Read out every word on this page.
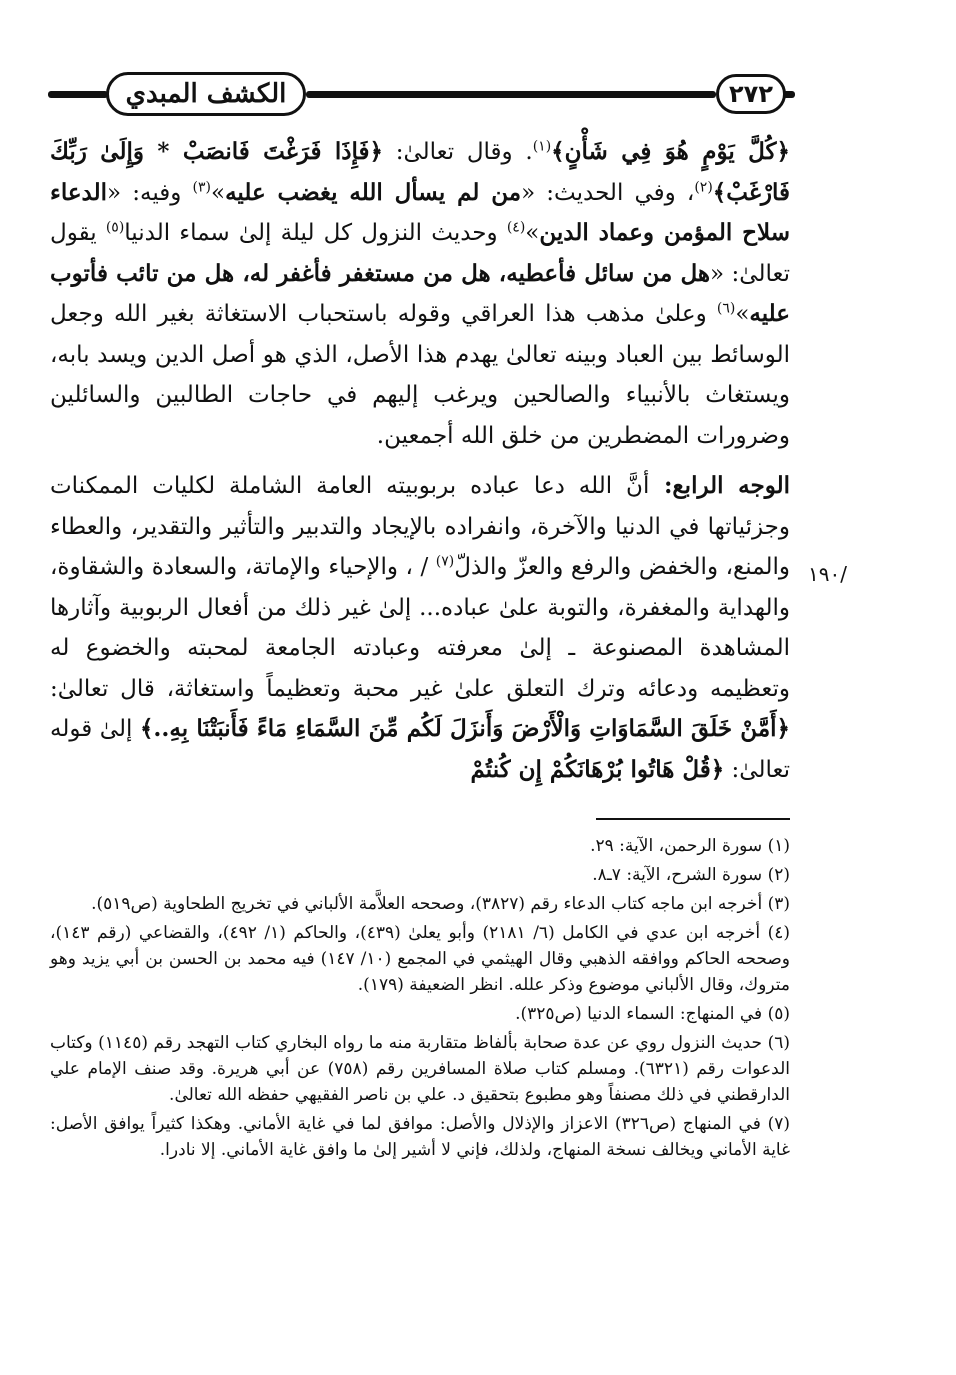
الكشف المبدي	٢٧٢
١٩٠/

﴿كُلَّ يَوْمٍ هُوَ فِي شَأْنٍ﴾$^{(١)}$. وقال تعالىٰ: ﴿فَإِذَا فَرَغْتَ فَانصَبْ * وَإِلَىٰ رَبِّكَ فَارْغَبْ﴾$^{(٢)}$، وفي الحديث: «من لم يسأل الله يغضب عليه»$^{(٣)}$ وفيه: «الدعاء سلاح المؤمن وعماد الدين»$^{(٤)}$ وحديث النزول كل ليلة إلىٰ سماء الدنيا$^{(٥)}$ يقول تعالىٰ: «هل من سائل فأعطيه، هل من مستغفر فأغفر له، هل من تائب فأتوب عليه»$^{(٦)}$ وعلىٰ مذهب هذا العراقي وقوله باستحباب الاستغاثة بغير الله وجعل الوسائط بين العباد وبينه تعالىٰ يهدم هذا الأصل، الذي هو أصل الدين ويسد بابه، ويستغاث بالأنبياء والصالحين ويرغب إليهم في حاجات الطالبين والسائلين وضرورات المضطرين من خلق الله أجمعين.

الوجه الرابع: أنَّ الله دعا عباده بربوبيته العامة الشاملة لكليات الممكنات وجزئياتها في الدنيا والآخرة، وانفراده بالإيجاد والتدبير والتأثير والتقدير، والعطاء والمنع، والخفض والرفع والعزّ والذلّ$^{(٧)}$ / ، والإحياء والإماتة، والسعادة والشقاوة، والهداية والمغفرة، والتوبة علىٰ عباده... إلىٰ غير ذلك من أفعال الربوبية وآثارها المشاهدة المصنوعة ـ إلىٰ معرفته وعبادته الجامعة لمحبته والخضوع له وتعظيمه ودعائه وترك التعلق علىٰ غير محبة وتعظيماً واستغاثة، قال تعالىٰ: ﴿أَمَّنْ خَلَقَ السَّمَاوَاتِ وَالْأَرْضَ وَأَنزَلَ لَكُم مِّنَ السَّمَاءِ مَاءً فَأَنبَتْنَا بِهِ..﴾ إلىٰ قوله تعالىٰ: ﴿قُلْ هَاتُوا بُرْهَانَكُمْ إِن كُنتُمْ

(١) سورة الرحمن، الآية: ٢٩.

(٢) سورة الشرح، الآية: ٧ـ٨.

(٣) أخرجه ابن ماجه كتاب الدعاء رقم (٣٨٢٧)، وصححه العلاَّمة الألباني في تخريج الطحاوية (ص٥١٩).

(٤) أخرجه ابن عدي في الكامل (٦/ ٢١٨١) وأبو يعلىٰ (٤٣٩)، والحاكم (١/ ٤٩٢)، والقضاعي (رقم ١٤٣)، وصححه الحاكم ووافقه الذهبي وقال الهيثمي في المجمع (١٠/ ١٤٧) فيه محمد بن الحسن بن أبي يزيد وهو متروك، وقال الألباني موضوع وذكر علله. انظر الضعيفة (١٧٩).

(٥) في المنهاج: السماء الدنيا (ص٣٢٥).

(٦) حديث النزول روي عن عدة صحابة بألفاظ متقاربة منه ما رواه البخاري كتاب التهجد رقم (١١٤٥) وكتاب الدعوات رقم (٦٣٢١). ومسلم كتاب صلاة المسافرين رقم (٧٥٨) عن أبي هريرة. وقد صنف الإمام علي الدارقطني في ذلك مصنفاً وهو مطبوع بتحقيق د. علي بن ناصر الفقيهي حفظه الله تعالىٰ.

(٧) في المنهاج (ص٣٢٦) الاعزاز والإذلال والأصل: موافق لما في غاية الأماني. وهكذا كثيراً يوافق الأصل: غاية الأماني ويخالف نسخة المنهاج، ولذلك، فإني لا أشير إلىٰ ما وافق غاية الأماني. إلا نادرا.
